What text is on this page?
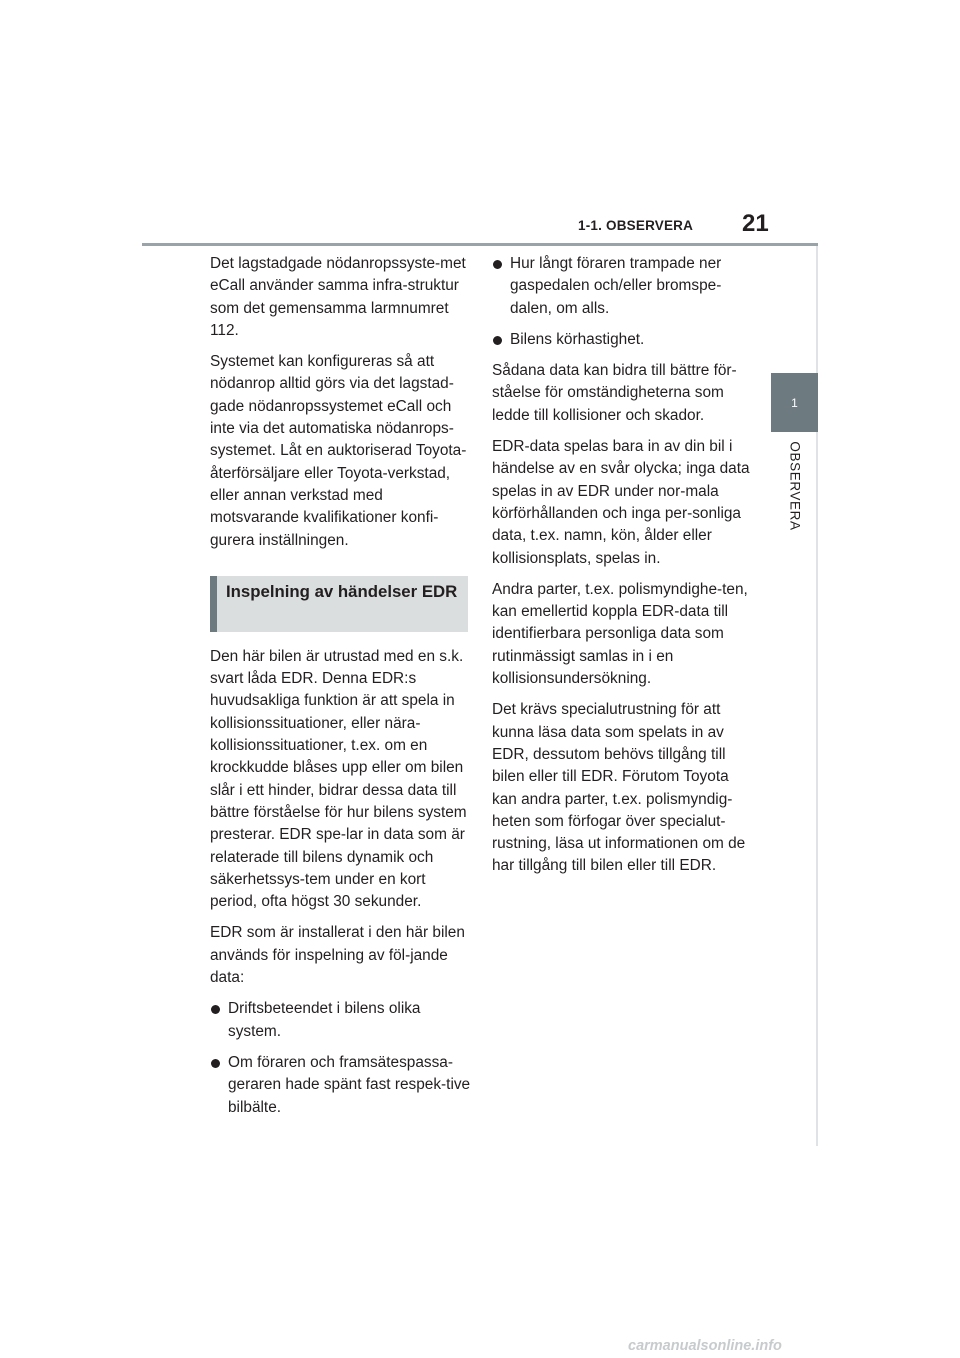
1-1. OBSERVERA 21
1
OBSERVERA

Det lagstadgade nödanropssyste-met eCall använder samma infra-struktur som det gemensamma larmnumret 112.

Systemet kan konfigureras så att nödanrop alltid görs via det lagstad-gade nödanropssystemet eCall och inte via det automatiska nödanrops-systemet. Låt en auktoriserad Toyota-återförsäljare eller Toyota-verkstad, eller annan verkstad med motsvarande kvalifikationer konfi-gurera inställningen.

Inspelning av händelser EDR

Den här bilen är utrustad med en s.k. svart låda EDR. Denna EDR:s huvudsakliga funktion är att spela in kollisionssituationer, eller nära-kollisionssituationer, t.ex. om en krockkudde blåses upp eller om bilen slår i ett hinder, bidrar dessa data till bättre förståelse för hur bilens system presterar. EDR spe-lar in data som är relaterade till bilens dynamik och säkerhetssys-tem under en kort period, ofta högst 30 sekunder.

EDR som är installerat i den här bilen används för inspelning av föl-jande data:

Driftsbeteendet i bilens olika system.
Om föraren och framsätespassa-geraren hade spänt fast respek-tive bilbälte.
Hur långt föraren trampade ner gaspedalen och/eller bromspe-dalen, om alls.
Bilens körhastighet.

Sådana data kan bidra till bättre för-ståelse för omständigheterna som ledde till kollisioner och skador.

EDR-data spelas bara in av din bil i händelse av en svår olycka; inga data spelas in av EDR under nor-mala körförhållanden och inga per-sonliga data, t.ex. namn, kön, ålder eller kollisionsplats, spelas in.

Andra parter, t.ex. polismyndighe-ten, kan emellertid koppla EDR-data till identifierbara personliga data som rutinmässigt samlas in i en kollisionsundersökning.

Det krävs specialutrustning för att kunna läsa data som spelats in av EDR, dessutom behövs tillgång till bilen eller till EDR. Förutom Toyota kan andra parter, t.ex. polismyndig-heten som förfogar över specialut-rustning, läsa ut informationen om de har tillgång till bilen eller till EDR.

carmanualsonline.info
